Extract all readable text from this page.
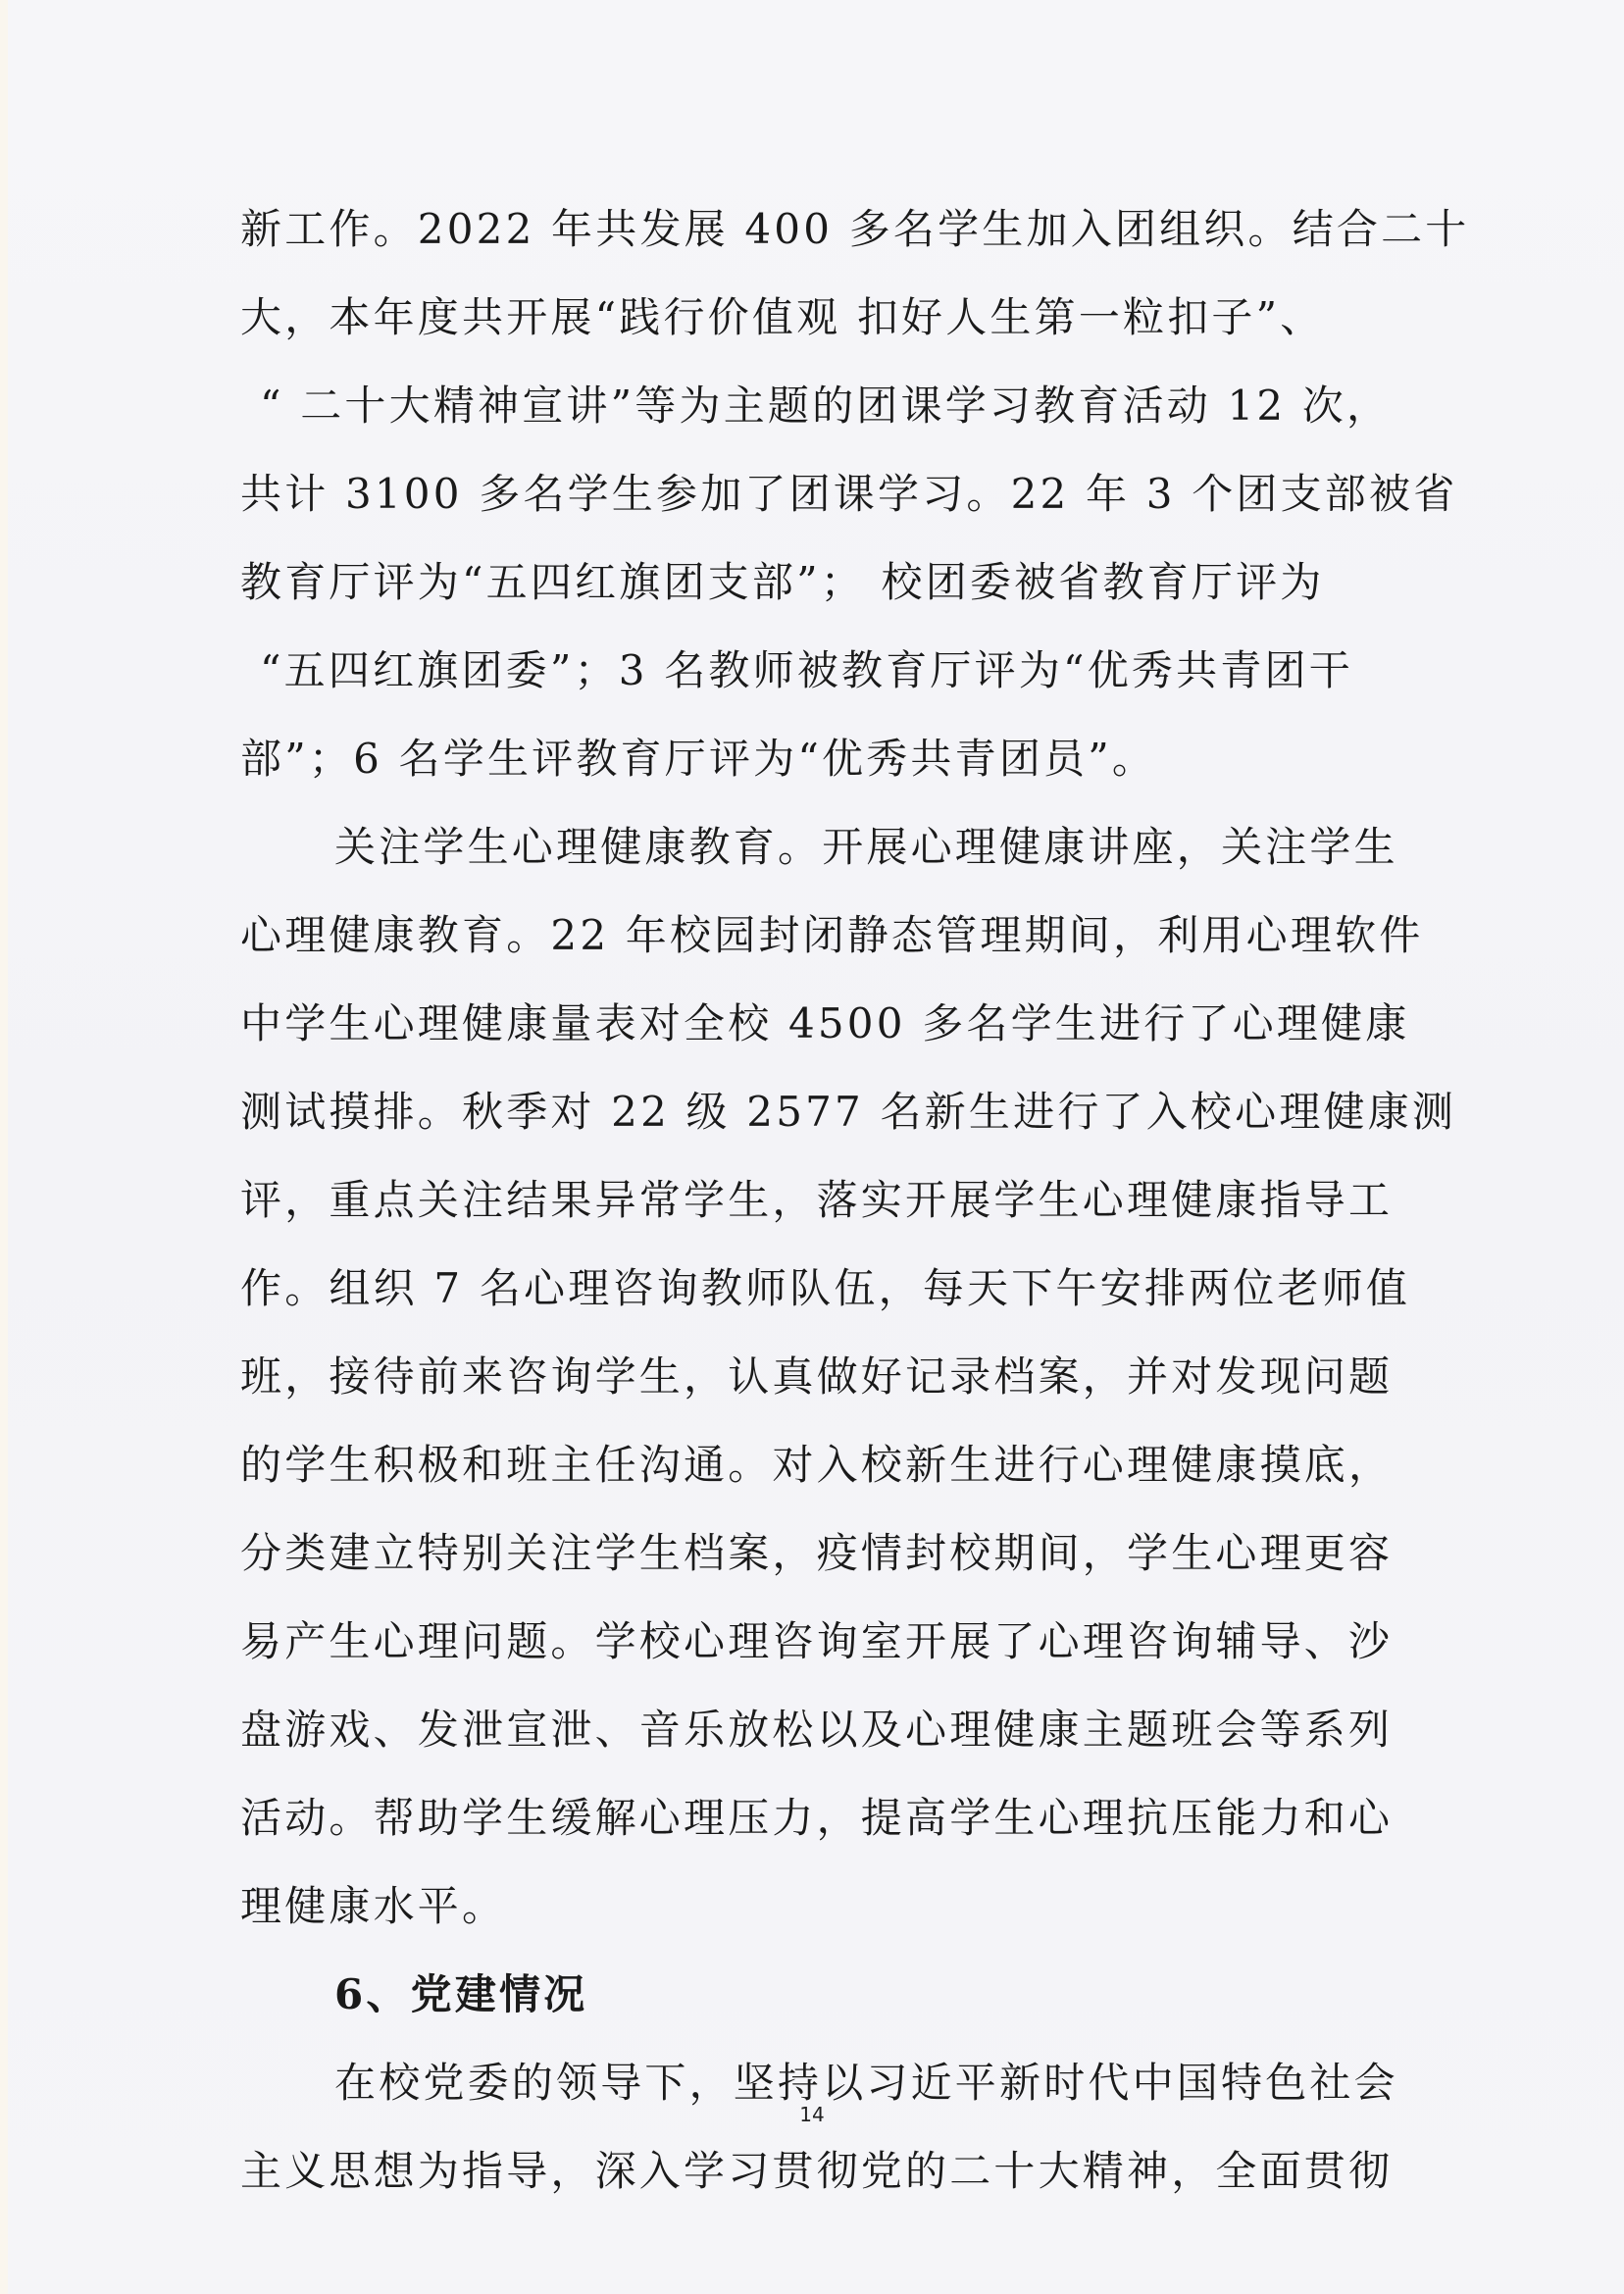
新工作。2022 年共发展 400 多名学生加入团组织。结合二十
大，本年度共开展“践行价值观 扣好人生第一粒扣子”、
“ 二十大精神宣讲”等为主题的团课学习教育活动 12 次，
共计 3100 多名学生参加了团课学习。22 年 3 个团支部被省
教育厅评为“五四红旗团支部”； 校团委被省教育厅评为
“五四红旗团委”；3 名教师被教育厅评为“优秀共青团干
部”；6 名学生评教育厅评为“优秀共青团员”。
关注学生心理健康教育。开展心理健康讲座，关注学生
心理健康教育。22 年校园封闭静态管理期间，利用心理软件
中学生心理健康量表对全校 4500 多名学生进行了心理健康
测试摸排。秋季对 22 级 2577 名新生进行了入校心理健康测
评，重点关注结果异常学生，落实开展学生心理健康指导工
作。组织 7 名心理咨询教师队伍，每天下午安排两位老师值
班，接待前来咨询学生，认真做好记录档案，并对发现问题
的学生积极和班主任沟通。对入校新生进行心理健康摸底，
分类建立特别关注学生档案，疫情封校期间，学生心理更容
易产生心理问题。学校心理咨询室开展了心理咨询辅导、沙
盘游戏、发泄宣泄、音乐放松以及心理健康主题班会等系列
活动。帮助学生缓解心理压力，提高学生心理抗压能力和心
理健康水平。
6、党建情况
在校党委的领导下，坚持以习近平新时代中国特色社会
主义思想为指导，深入学习贯彻党的二十大精神，全面贯彻
14
